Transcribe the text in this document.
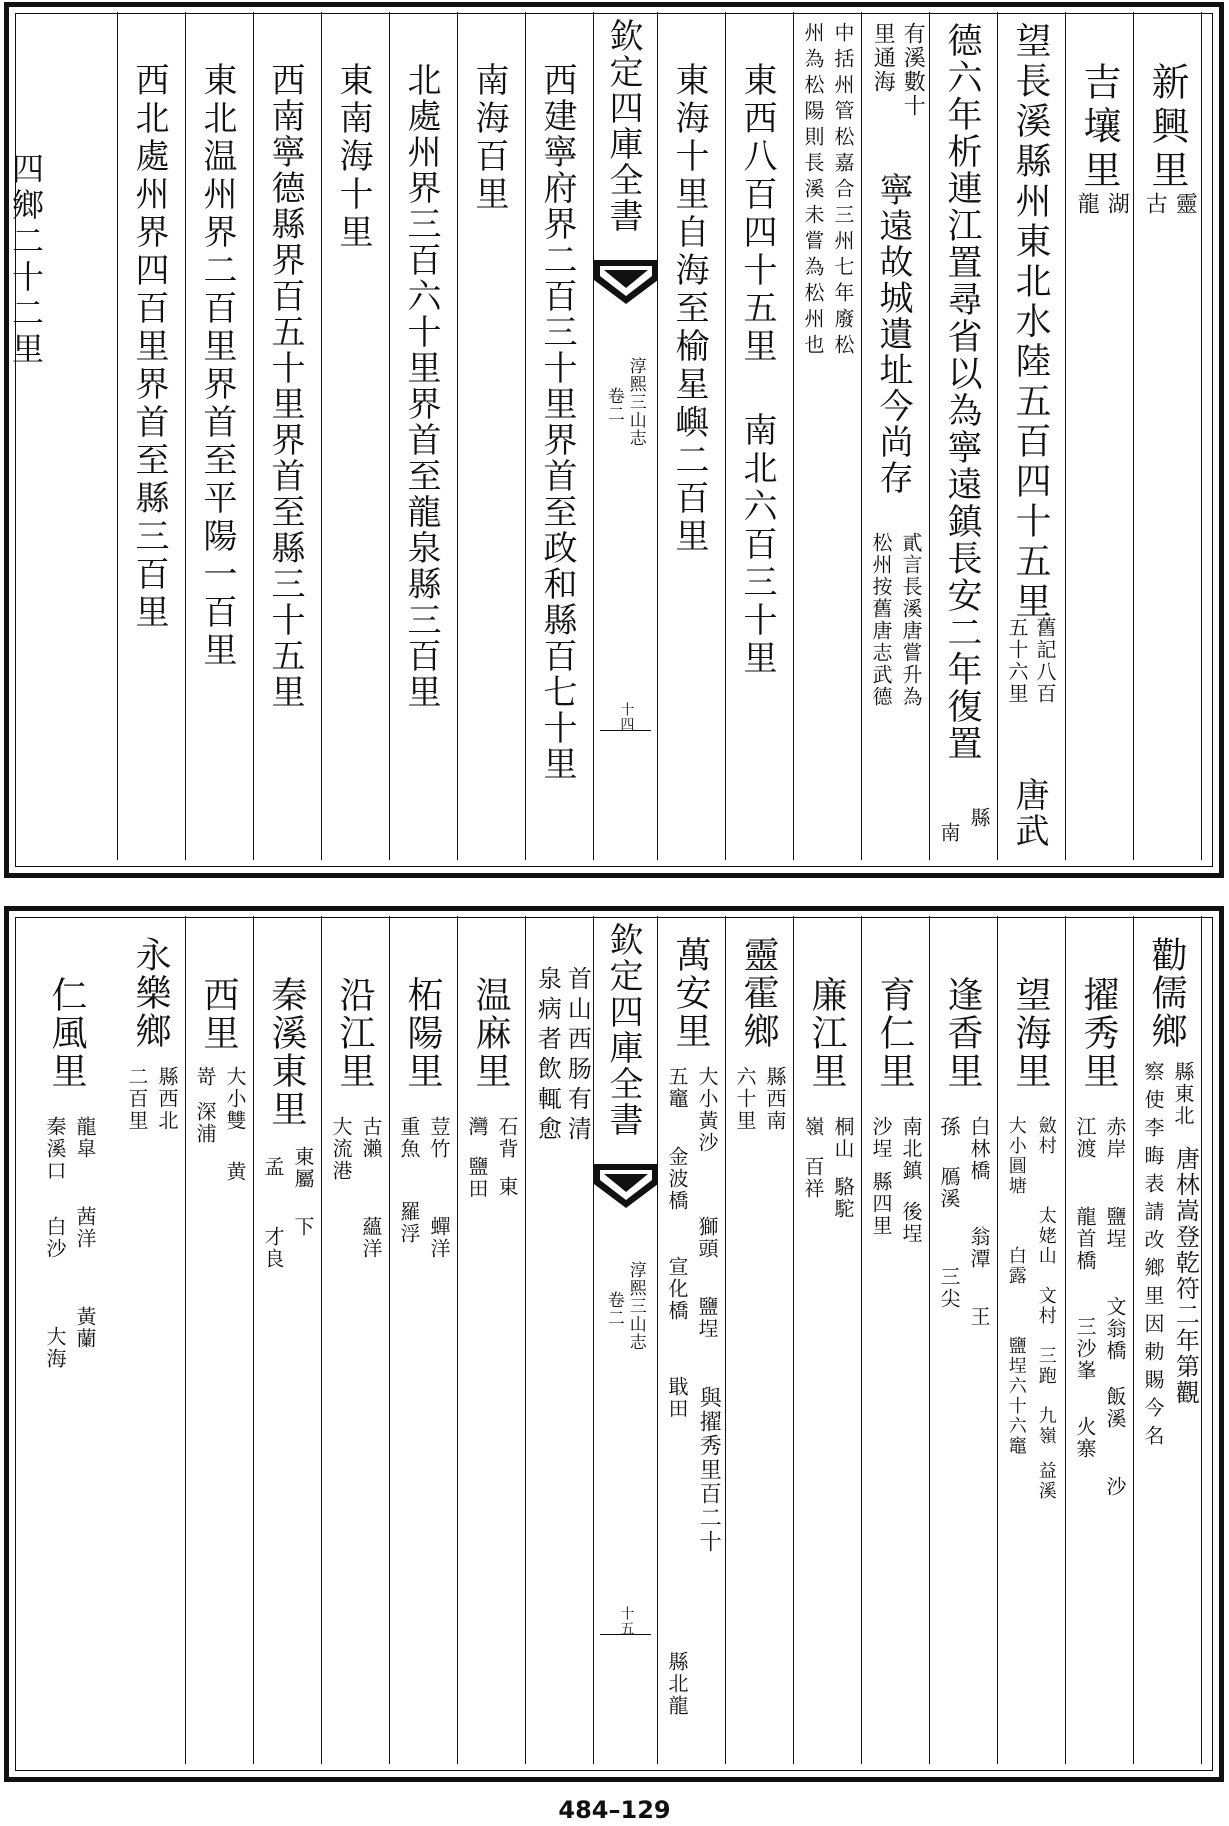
新興里
古 靈
吉壤里
龍 湖
望長溪縣州東北水陸五百四十五里
舊記八百
五十六里
唐武
德六年析連江置尋省以為寧遠鎮長安二年復置
縣
南
有溪數十
里通海
寧遠故城遺址今尚存
貳言長溪唐嘗升為
松州按舊唐志武德
中括州管松嘉合三州七年廢松
州為松陽則長溪未嘗為松州也
東西八百四十五里
南北六百三十里
東海十里自海至榆星嶼二百里
欽定四庫全書
淳熙三山志
卷二
十四
西建寧府界二百三十里界首至政和縣百七十里
南海百里
北處州界三百六十里界首至龍泉縣三百里
東南海十里
西南寧德縣界百五十里界首至縣三十五里
東北温州界二百里界首至平陽一百里
西北處州界四百里界首至縣三百里
四鄉二十二里
勸儒鄉
縣東北
察使李晦表請改鄉里因勅賜今名 唐林嵩登乾符二年第觀
擢秀里
赤岸
江渡
鹽埕
龍首橋
文翁橋
三沙峯
飯溪
火寨
沙
望海里
斂村
大小圓塘
太姥山
白露
文村
三跑
鹽埕六十六竈 九嶺
益溪
逢香里
白林橋
孫
翁潭
鴈溪
三尖
王
育仁里
南北鎮
沙埕
後埕
縣四里
廉江里
桐山
嶺
駱駝
百祥
靈霍鄉
縣西南
六十里
萬安里
大小黃沙
五竈
獅頭
金波橋
鹽埕
宣化橋
戢田 與擢秀里百二十
縣北龍
欽定四庫全書
淳熙三山志
卷二
十五
首山西肠有清
泉病者飲輒愈
温麻里
石背
灣
鹽田 東
柘陽里
荳竹
重魚
蟬洋
羅浮
沿江里
古瀨
大流港
蘊洋
秦溪東里
東屬
孟
下
才良
西里
大小雙
嵜
黄
深浦
永樂鄉
縣西北
二百里
仁風里
龍皐
秦溪口
茜洋
白沙
黃蘭
大海
484–129
